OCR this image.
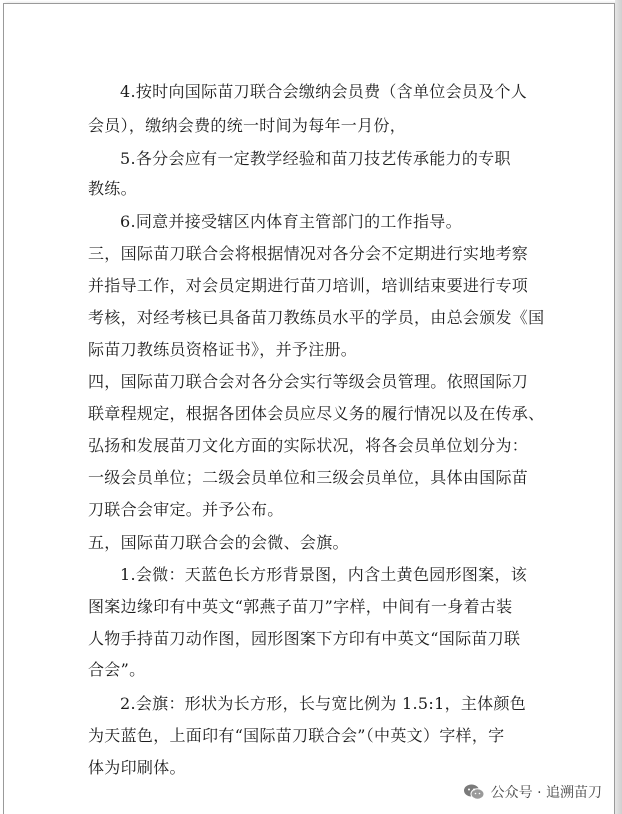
4.按时向国际苗刀联合会缴纳会员费（含单位会员及个人
会员），缴纳会费的统一时间为每年一月份，
5.各分会应有一定教学经验和苗刀技艺传承能力的专职
教练。
6.同意并接受辖区内体育主管部门的工作指导。
三，国际苗刀联合会将根据情况对各分会不定期进行实地考察
并指导工作，对会员定期进行苗刀培训，培训结束要进行专项
考核，对经考核已具备苗刀教练员水平的学员，由总会颁发《国
际苗刀教练员资格证书》，并予注册。
四，国际苗刀联合会对各分会实行等级会员管理。依照国际刀
联章程规定，根据各团体会员应尽义务的履行情况以及在传承、
弘扬和发展苗刀文化方面的实际状况，将各会员单位划分为：
一级会员单位；二级会员单位和三级会员单位，具体由国际苗
刀联合会审定。并予公布。
五，国际苗刀联合会的会微、会旗。
1.会微：天蓝色长方形背景图，内含土黄色园形图案，该
图案边缘印有中英文“郭燕子苗刀”字样，中间有一身着古装
人物手持苗刀动作图，园形图案下方印有中英文“国际苗刀联
合会”。
2.会旗：形状为长方形，长与宽比例为 1.5:1，主体颜色
为天蓝色，上面印有“国际苗刀联合会”（中英文）字样，字
体为印刷体。
公众号 · 追溯苗刀
